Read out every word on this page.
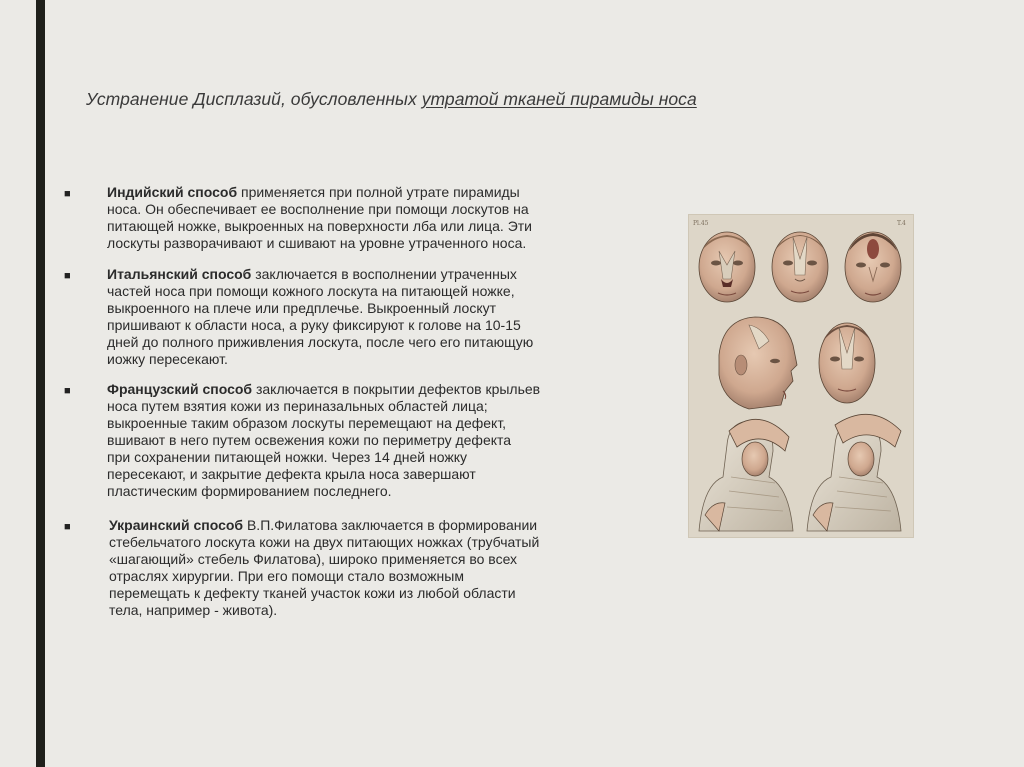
Устранение Дисплазий, обусловленных утратой тканей пирамиды носа
■	Индийский способ применяется при полной утрате пирамиды
носа. Он обеспечивает ее восполнение при помощи лоскутов на
питающей ножке, выкроенных на поверхности лба или лица. Эти
лоскуты разворачивают и сшивают на уровне утраченного носа.
■	Итальянский способ заключается в восполнении утраченных
частей носа при помощи кожного лоскута на питающей ножке,
выкроенного на плече или предплечье. Выкроенный лоскут
пришивают к области носа, а руку фиксируют к голове на 10-15
дней до полного приживления лоскута, после чего его питающую
иожку пересекают.
■	Французский способ заключается в покрытии дефектов крыльев
носа путем взятия кожи из периназальных областей лица;
выкроенные таким образом лоскуты перемещают на дефект,
вшивают в него путем освежения кожи по периметру дефекта
при сохранении питающей ножки. Через 14 дней ножку
пересекают, и закрытие дефекта крыла носа завершают
пластическим формированием последнего.
■	Украинский способ В.П.Филатова заключается в формировании
стебельчатого лоскута кожи на двух питающих ножках (трубчатый
«шагающий» стебель Филатова), широко применяется во всех
отраслях хирургии. При его помощи стало возможным
перемещать к дефекту тканей участок кожи из любой области
тела, например - живота).
Pl.45	T.4
